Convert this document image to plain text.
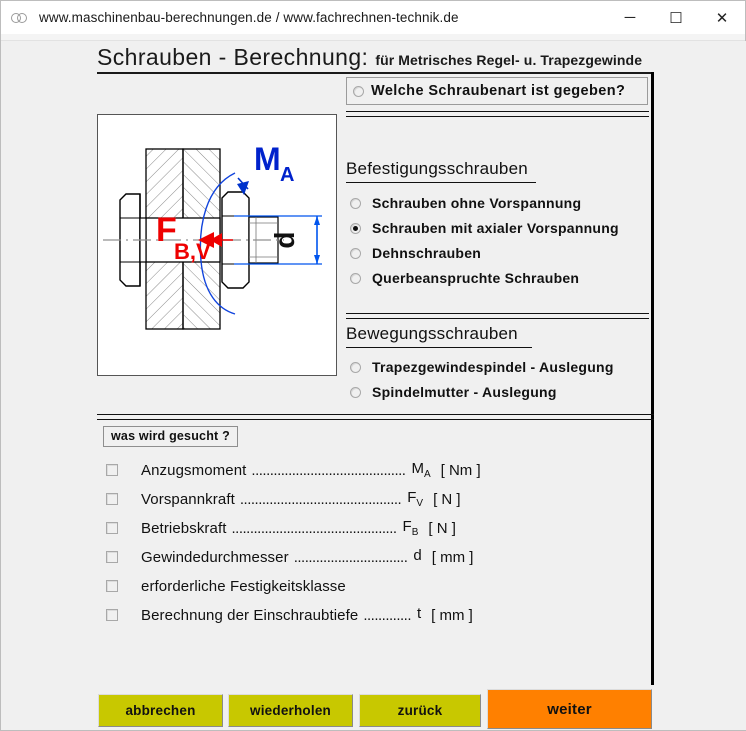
www.maschinenbau-berechnungen.de / www.fachrechnen-technik.de	─	☐	✕
Schrauben - Berechnung: für Metrisches Regel- u. Trapezgewinde
Welche Schraubenart ist gegeben?
Befestigungsschrauben
Schrauben ohne Vorspannung
Schrauben mit axialer Vorspannung
Dehnschrauben
Querbeanspruchte Schrauben
Bewegungsschrauben
Trapezgewindespindel - Auslegung
Spindelmutter - Auslegung
M A
d
F
B,V
was wird gesucht ?
Anzugsmoment .......................................... $M_A$ [ Nm ]
Vorspannkraft ............................................ $F_V$ [ N ]
Betriebskraft ............................................. $F_B$ [ N ]
Gewindedurchmesser ............................... d [ mm ]
erforderliche Festigkeitsklasse
Berechnung der Einschraubtiefe ............. t [ mm ]
abbrechen	wiederholen	zurück	weiter
